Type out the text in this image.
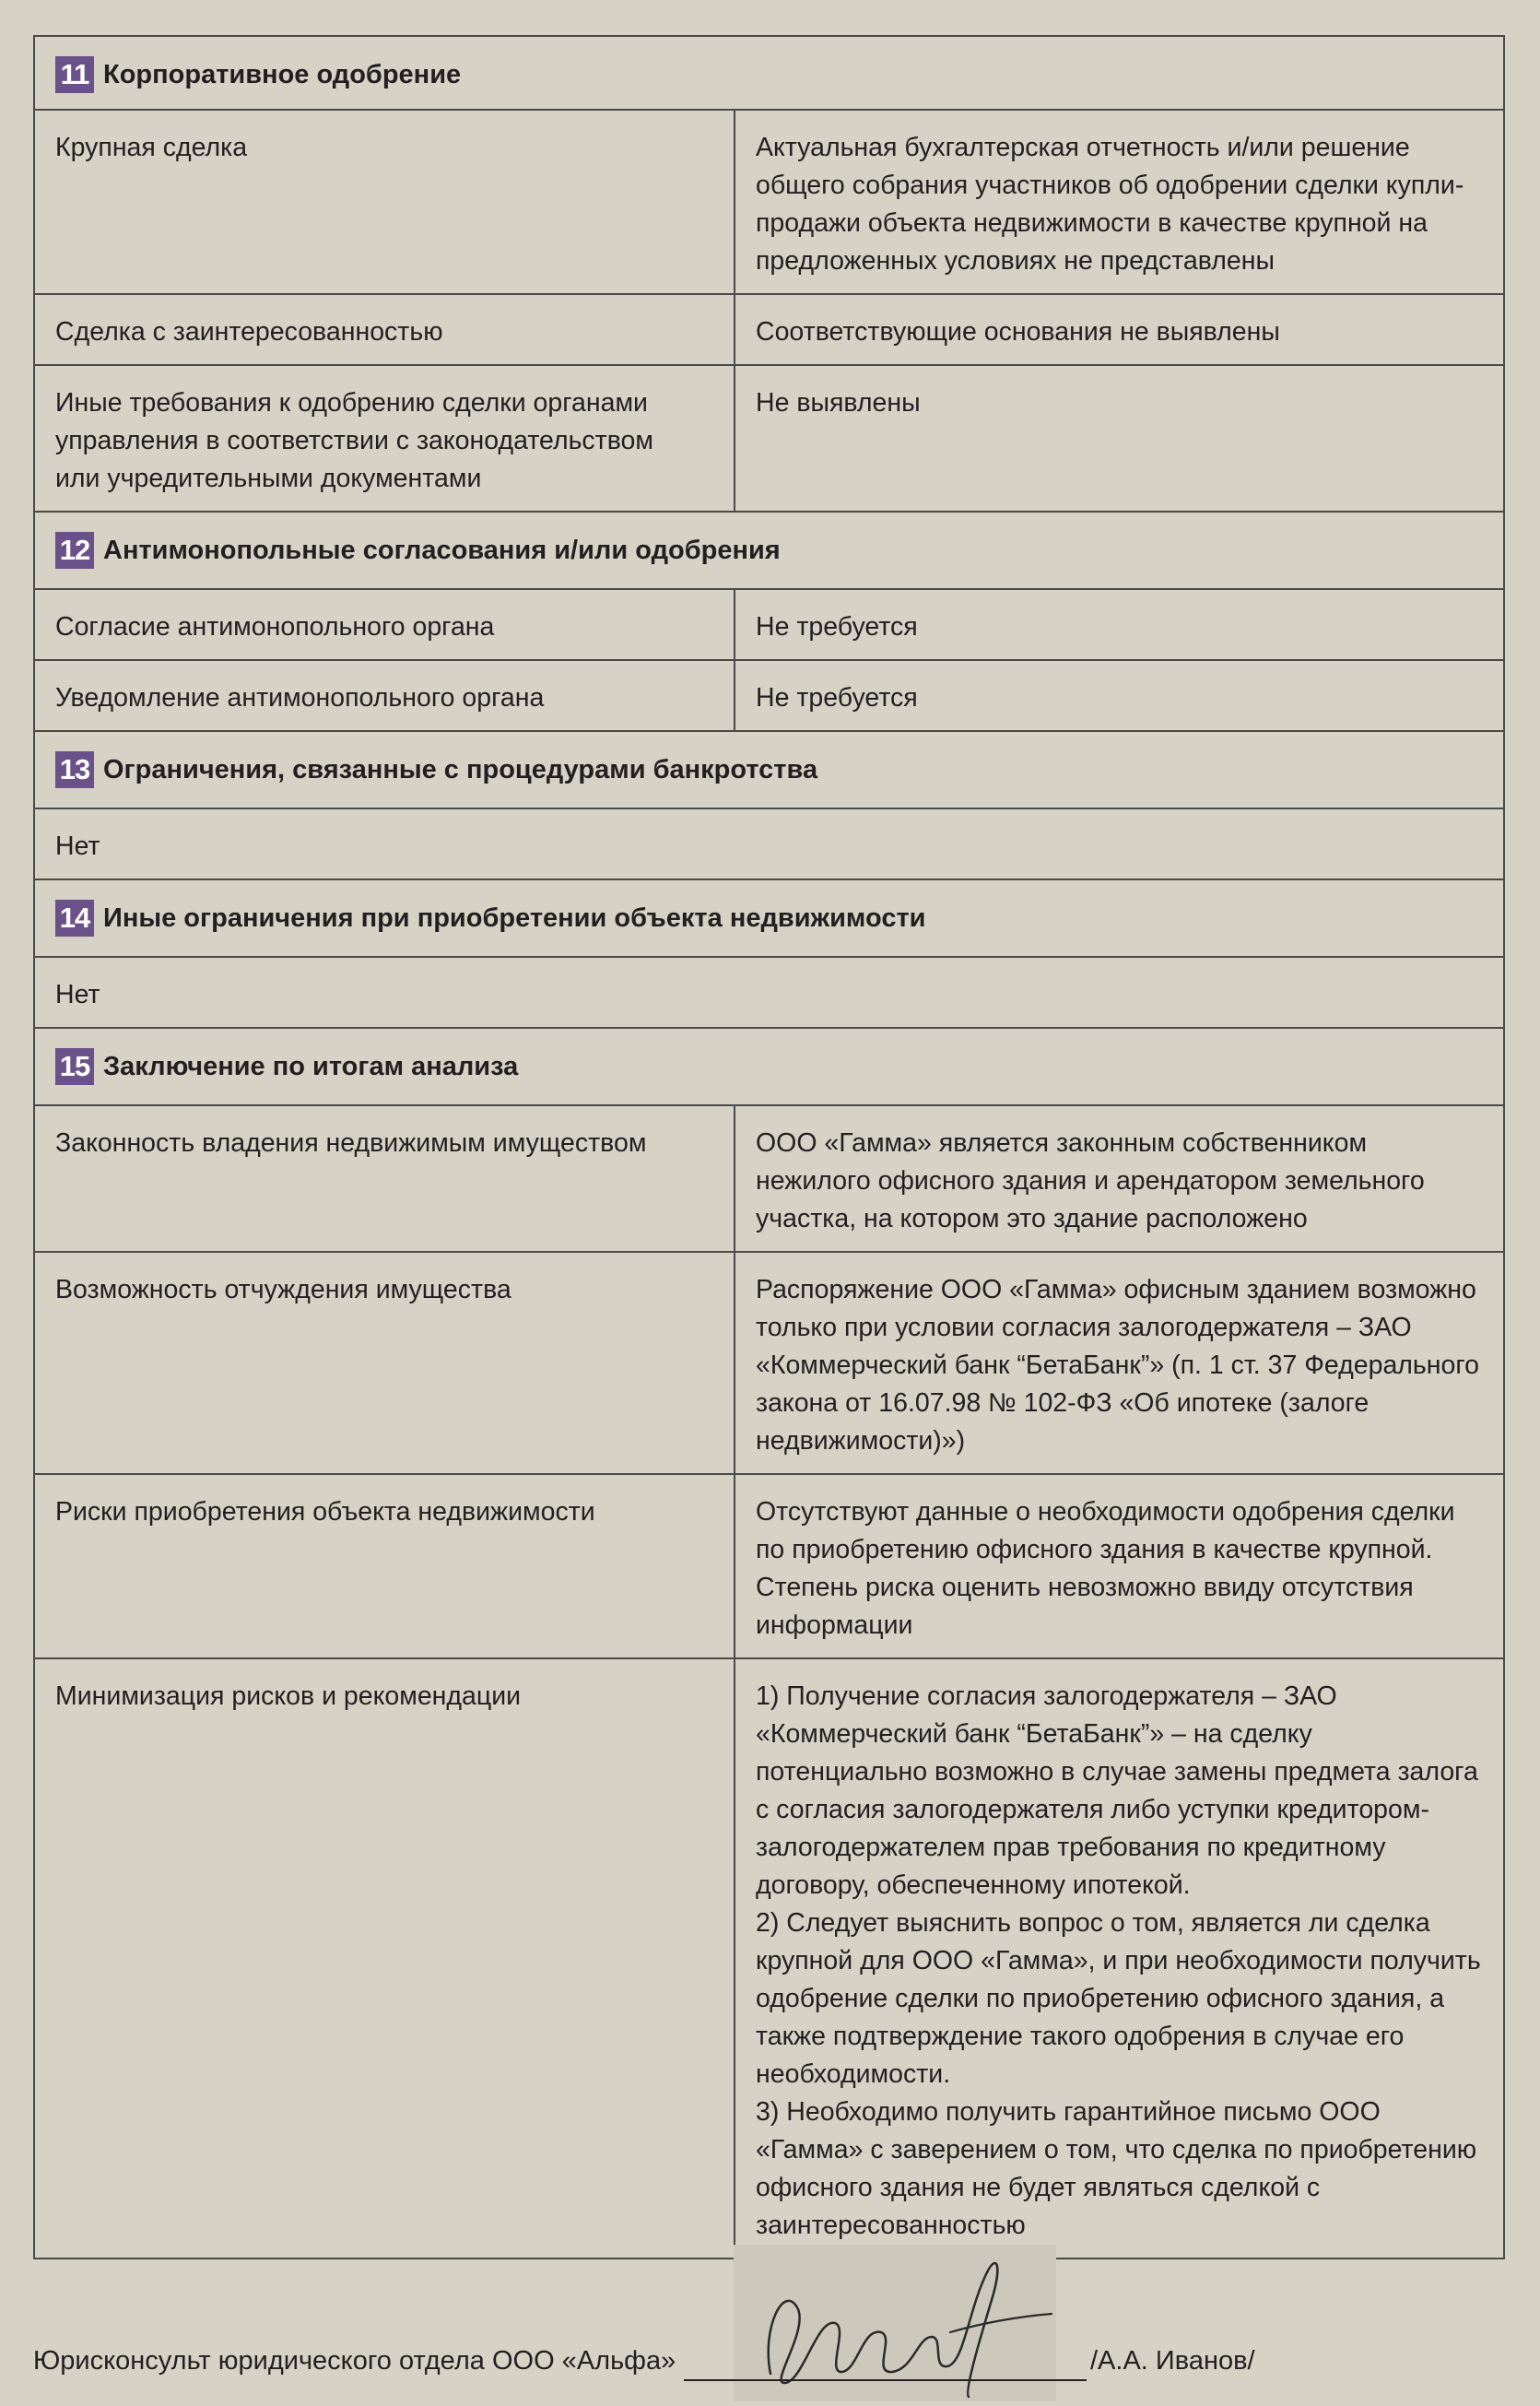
11 Корпоративное одобрение	
Крупная сделка	Актуальная бухгалтерская отчетность и/или решение общего собрания участников об одобрении сделки купли-продажи объекта недвижимости в качестве крупной на предложенных условиях не представлены

Сделка с заинтересованностью	Соответствующие основания не выявлены

Иные требования к одобрению сделки органами управления в соответствии с законодательством или учредительными документами	Не выявлены

12 Антимонопольные согласования и/или одобрения	
Согласие антимонопольного органа	Не требуется

Уведомление антимонопольного органа	Не требуется

13 Ограничения, связанные с процедурами банкротства	
Нет	
14 Иные ограничения при приобретении объекта недвижимости	
Нет	
15 Заключение по итогам анализа	
Законность владения недвижимым имуществом	ООО «Гамма» является законным собственником нежилого офисного здания и арендатором земельного участка, на котором это здание расположено

Возможность отчуждения имущества	Распоряжение ООО «Гамма» офисным зданием возможно только при условии согласия залогодержателя – ЗАО «Коммерческий банк “БетаБанк”» (п. 1 ст. 37 Федерального закона от 16.07.98 № 102-ФЗ «Об ипотеке (залоге недвижимости)»)

Риски приобретения объекта недвижимости	Отсутствуют данные о необходимости одобрения сделки по приобретению офисного здания в качестве крупной. Степень риска оценить невозможно ввиду отсутствия информации

Минимизация рисков и рекомендации	1) Получение согласия залогодержателя – ЗАО «Коммерческий банк “БетаБанк”» – на сделку потенциально возможно в случае замены предмета залога с согласия залогодержателя либо уступки кредитором-залогодержателем прав требования по кредитному договору, обеспеченному ипотекой.
2) Следует выяснить вопрос о том, является ли сделка крупной для ООО «Гамма», и при необходимости получить одобрение сделки по приобретению офисного здания, а также подтверждение такого одобрения в случае его необходимости.
3) Необходимо получить гарантийное письмо ООО «Гамма» с заверением о том, что сделка по приобретению офисного здания не будет являться сделкой с заинтересованностью
Юрисконсульт юридического отдела ООО «Альфа»	/А.А. Иванов/
